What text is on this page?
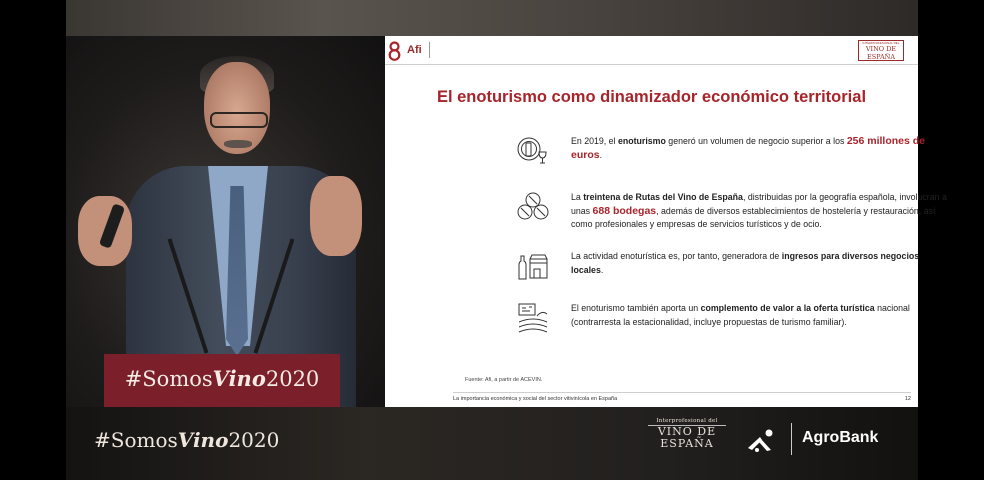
#SomosVino2020
Afi
INTERPROFESIONAL DEL
VINO DE
ESPAÑA
El enoturismo como dinamizador económico territorial
En 2019, el enoturismo generó un volumen de negocio superior a los 256 millones de euros.
La treintena de Rutas del Vino de España, distribuidas por la geografía española, involucran a unas 688 bodegas, además de diversos establecimientos de hostelería y restauración, así como profesionales y empresas de servicios turísticos y de ocio.
La actividad enoturística es, por tanto, generadora de ingresos para diversos negocios locales.
El enoturismo también aporta un complemento de valor a la oferta turística nacional (contrarresta la estacionalidad, incluye propuestas de turismo familiar).
Fuente: Afi, a partir de ACEVIN.
La importancia económica y social del sector vitivinícola en España	12
#SomosVino2020
Interprofesional del
VINO DE
ESPAÑA	AgroBank
